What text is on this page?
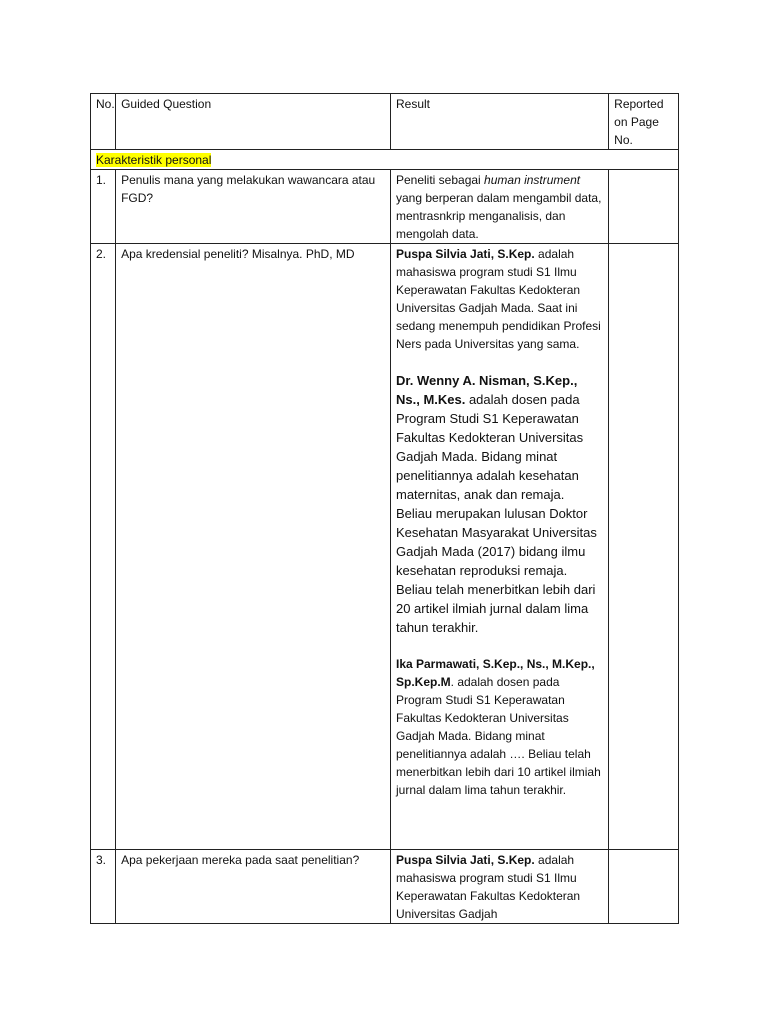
No.	Guided Question	Result	Reported on Page No.
Karakteristik personal			
1.	Penulis mana yang melakukan wawancara atau FGD?	Peneliti sebagai human instrument yang berperan dalam mengambil data, mentrasnkrip menganalisis, dan mengolah data.	
2.	Apa kredensial peneliti? Misalnya. PhD, MD	Puspa Silvia Jati, S.Kep. adalah mahasiswa program studi S1 Ilmu Keperawatan Fakultas Kedokteran Universitas Gadjah Mada. Saat ini sedang menempuh pendidikan Profesi Ners pada Universitas yang sama.

Dr. Wenny A. Nisman, S.Kep., Ns., M.Kes. adalah dosen pada Program Studi S1 Keperawatan Fakultas Kedokteran Universitas Gadjah Mada. Bidang minat penelitiannya adalah kesehatan maternitas, anak dan remaja. Beliau merupakan lulusan Doktor Kesehatan Masyarakat Universitas Gadjah Mada (2017) bidang ilmu kesehatan reproduksi remaja. Beliau telah menerbitkan lebih dari 20 artikel ilmiah jurnal dalam lima tahun terakhir.

Ika Parmawati, S.Kep., Ns., M.Kep., Sp.Kep.M. adalah dosen pada Program Studi S1 Keperawatan Fakultas Kedokteran Universitas Gadjah Mada. Bidang minat penelitiannya adalah …. Beliau telah menerbitkan lebih dari 10 artikel ilmiah jurnal dalam lima tahun terakhir.	

3.	Apa pekerjaan mereka pada saat penelitian?	Puspa Silvia Jati, S.Kep. adalah mahasiswa program studi S1 Ilmu Keperawatan Fakultas Kedokteran Universitas Gadjah	
